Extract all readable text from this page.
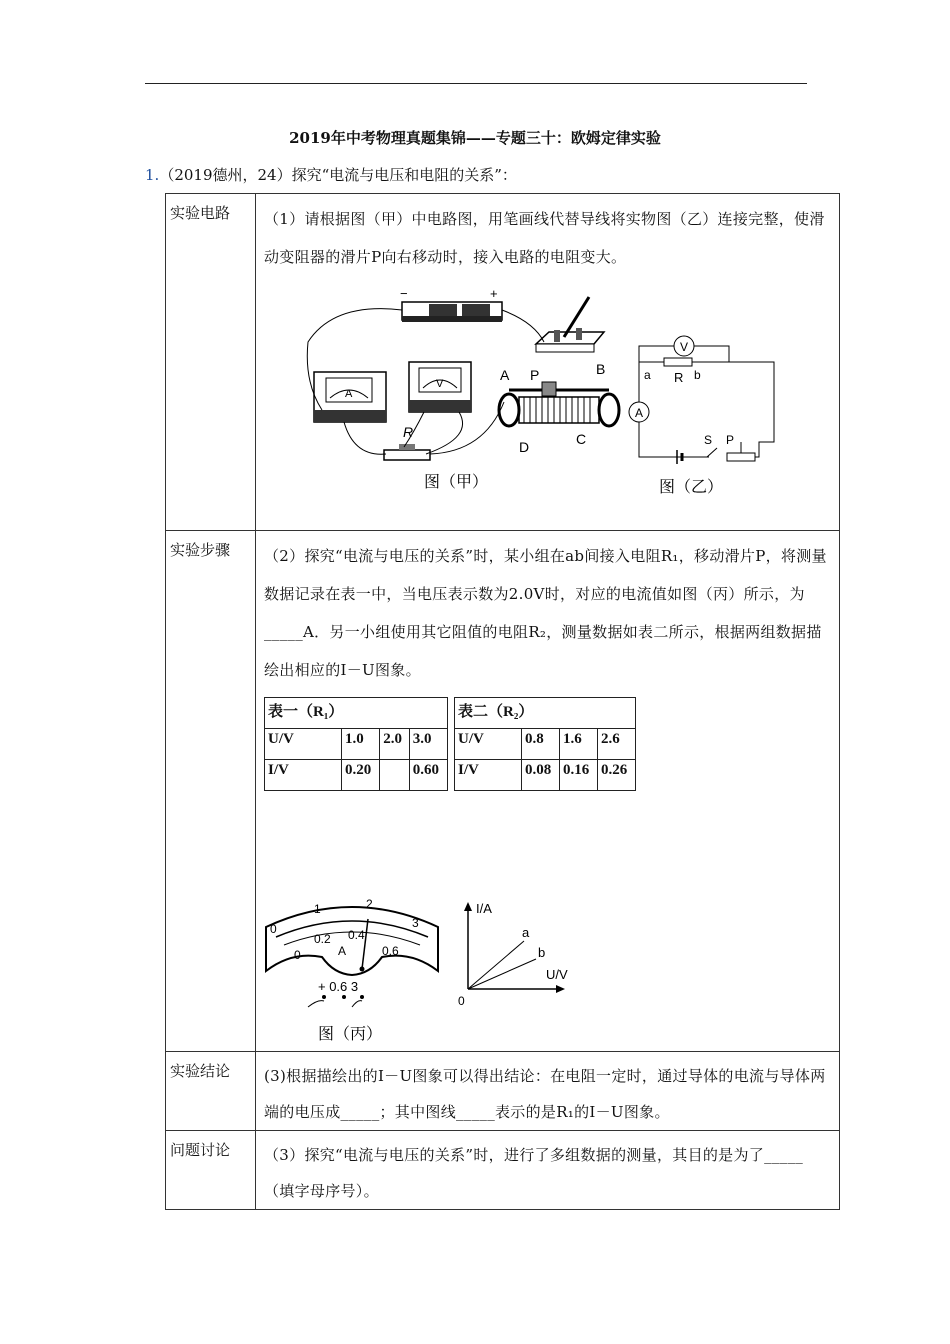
2019年中考物理真题集锦——专题三十：欧姆定律实验
1.（2019德州，24）探究“电流与电压和电阻的关系”：
实验电路	（1）请根据图（甲）中电路图，用笔画线代替导线将实物图（乙）连接完整，使滑动变阻器的滑片P向右移动时，接入电路的电阻变大。
−	+
A
V
A P	B
C
D
R
图（甲）
V
A
a R b
S P
图（乙）

实验步骤	（2）探究“电流与电压的关系”时，某小组在ab间接入电阻R₁，移动滑片P，将测量数据记录在表一中，当电压表示数为2.0V时，对应的电流值如图（丙）所示，为_____A．另一小组使用其它阻值的电阻R₂，测量数据如表二所示，根据两组数据描绘出相应的I－U图象。
表一（R₁）
U/V	1.0	2.0	3.0
I/V	0.20		0.60
表二（R₂）
U/V	0.8	1.6	2.6
I/V	0.08	0.16	0.26
0
1	2
3
0
0.2 0.4
0.6
A
+ 0.6 3
图（丙）
I/A
U/V
0
a
b

实验结论	(3)根据描绘出的I－U图象可以得出结论：在电阻一定时，通过导体的电流与导体两端的电压成_____；其中图线_____表示的是R₁的I－U图象。

问题讨论	（3）探究“电流与电压的关系”时，进行了多组数据的测量，其目的是为了_____（填字母序号）。
